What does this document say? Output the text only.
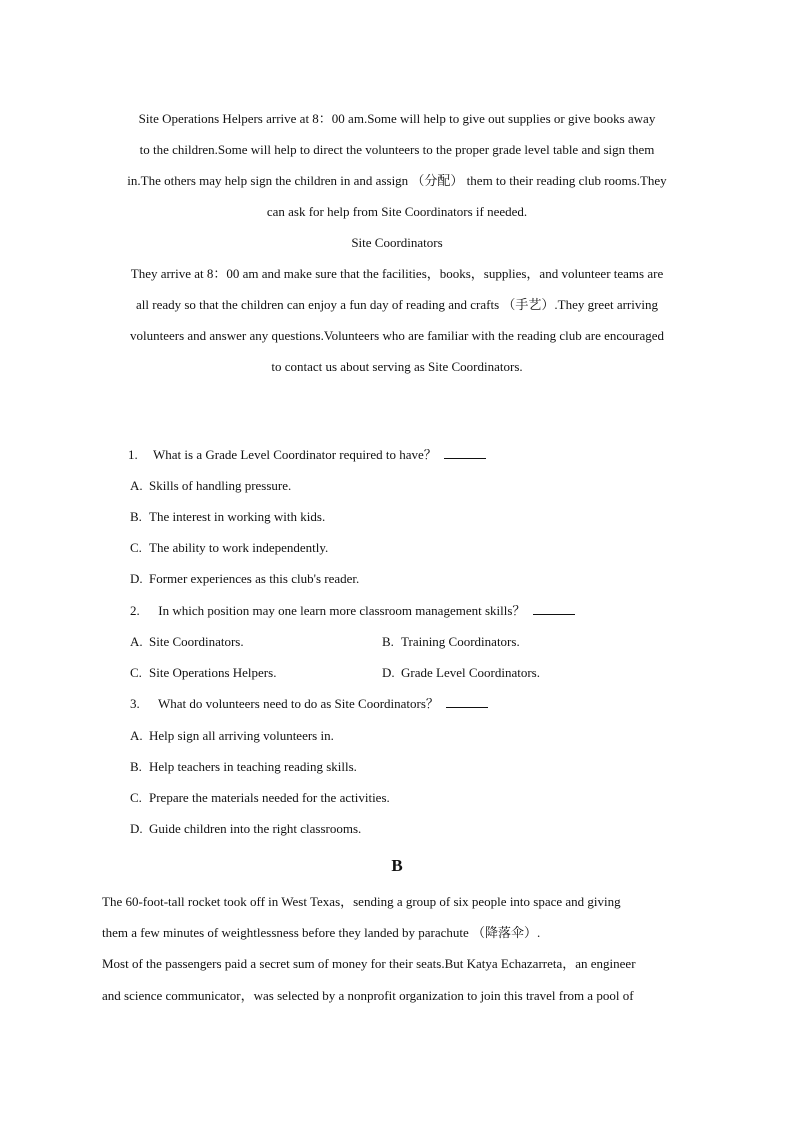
Site Operations Helpers arrive at 8：00 am.Some will help to give out supplies or give books away
to the children.Some will help to direct the volunteers to the proper grade level table and sign them
in.The others may help sign the children in and assign （分配） them to their reading club rooms.They
can ask for help from Site Coordinators if needed.
Site Coordinators
They arrive at 8：00 am and make sure that the facilities，books，supplies，and volunteer teams are
all ready so that the children can enjoy a fun day of reading and crafts （手艺）.They greet arriving
volunteers and answer any questions.Volunteers who are familiar with the reading club are encouraged
to contact us about serving as Site Coordinators.
1. What is a Grade Level Coordinator required to have？
A. Skills of handling pressure.
B. The interest in working with kids.
C. The ability to work independently.
D. Former experiences as this club's reader.
2. In which position may one learn more classroom management skills？
A. Site Coordinators.	B. Training Coordinators.
C. Site Operations Helpers.	D. Grade Level Coordinators.
3. What do volunteers need to do as Site Coordinators？
A. Help sign all arriving volunteers in.
B. Help teachers in teaching reading skills.
C. Prepare the materials needed for the activities.
D. Guide children into the right classrooms.
B
The 60-foot-tall rocket took off in West Texas，sending a group of six people into space and giving
them a few minutes of weightlessness before they landed by parachute （降落伞）.
Most of the passengers paid a secret sum of money for their seats.But Katya Echazarreta，an engineer
and science communicator，was selected by a nonprofit organization to join this travel from a pool of
